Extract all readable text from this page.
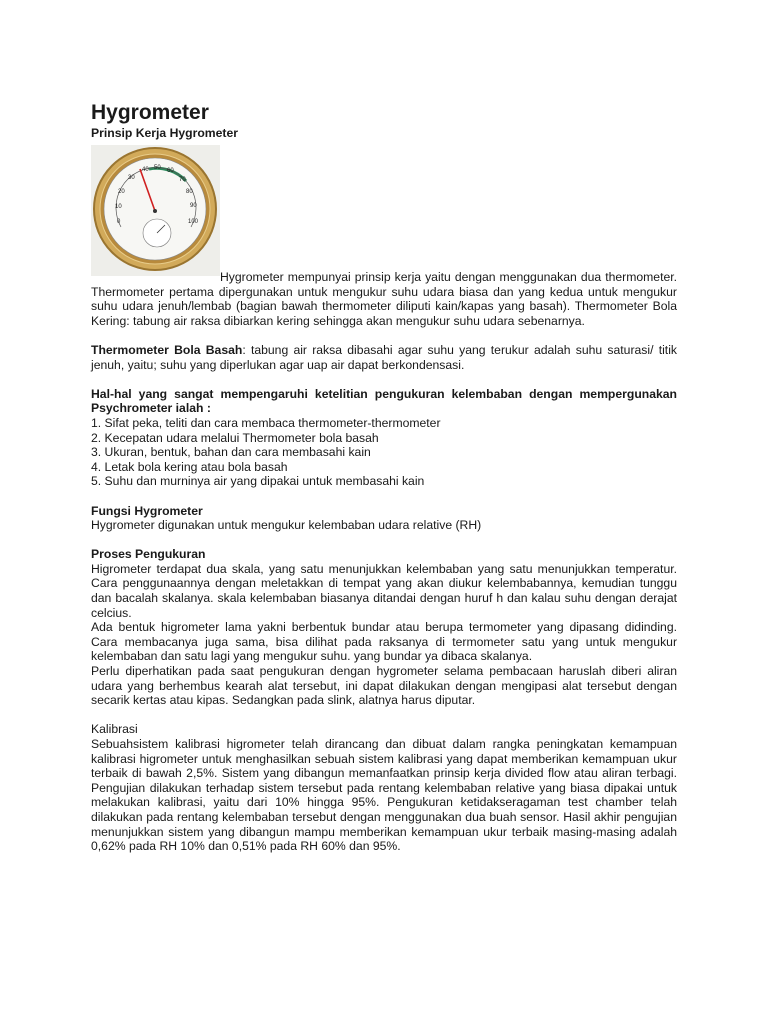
Hygrometer
Prinsip Kerja Hygrometer
30
40 50 60
70
80
90
100
20
10
0

Hygrometer mempunyai prinsip kerja yaitu dengan menggunakan dua thermometer. Thermometer pertama dipergunakan untuk mengukur suhu udara biasa dan yang kedua untuk mengukur suhu udara jenuh/lembab (bagian bawah thermometer diliputi kain/kapas yang basah). Thermometer Bola Kering: tabung air raksa dibiarkan kering sehingga akan mengukur suhu udara sebenarnya.

Thermometer Bola Basah: tabung air raksa dibasahi agar suhu yang terukur adalah suhu saturasi/ titik jenuh, yaitu; suhu yang diperlukan agar uap air dapat berkondensasi.

Hal-hal yang sangat mempengaruhi ketelitian pengukuran kelembaban dengan mempergunakan Psychrometer ialah :

1. Sifat peka, teliti dan cara membaca thermometer-thermometer
2. Kecepatan udara melalui Thermometer bola basah
3. Ukuran, bentuk, bahan dan cara membasahi kain
4. Letak bola kering atau bola basah
5. Suhu dan murninya air yang dipakai untuk membasahi kain

Fungsi Hygrometer

Hygrometer digunakan untuk mengukur kelembaban udara relative (RH)

Proses Pengukuran

Higrometer terdapat dua skala, yang satu menunjukkan kelembaban yang satu menunjukkan temperatur. Cara penggunaannya dengan meletakkan di tempat yang akan diukur kelembabannya, kemudian tunggu dan bacalah skalanya. skala kelembaban biasanya ditandai dengan huruf h dan kalau suhu dengan derajat celcius.

Ada bentuk higrometer lama yakni berbentuk bundar atau berupa termometer yang dipasang didinding. Cara membacanya juga sama, bisa dilihat pada raksanya di termometer satu yang untuk mengukur kelembaban dan satu lagi yang mengukur suhu. yang bundar ya dibaca skalanya.

Perlu diperhatikan pada saat pengukuran dengan hygrometer selama pembacaan haruslah diberi aliran udara yang berhembus kearah alat tersebut, ini dapat dilakukan dengan mengipasi alat tersebut dengan secarik kertas atau kipas. Sedangkan pada slink, alatnya harus diputar.

Kalibrasi

Sebuahsistem kalibrasi higrometer telah dirancang dan dibuat dalam rangka peningkatan kemampuan kalibrasi higrometer untuk menghasilkan sebuah sistem kalibrasi yang dapat memberikan kemampuan ukur terbaik di bawah 2,5%. Sistem yang dibangun memanfaatkan prinsip kerja divided flow atau aliran terbagi. Pengujian dilakukan terhadap sistem tersebut pada rentang kelembaban relative yang biasa dipakai untuk melakukan kalibrasi, yaitu dari 10% hingga 95%. Pengukuran ketidakseragaman test chamber telah dilakukan pada rentang kelembaban tersebut dengan menggunakan dua buah sensor. Hasil akhir pengujian menunjukkan sistem yang dibangun mampu memberikan kemampuan ukur terbaik masing-masing adalah 0,62% pada RH 10% dan 0,51% pada RH 60% dan 95%.
